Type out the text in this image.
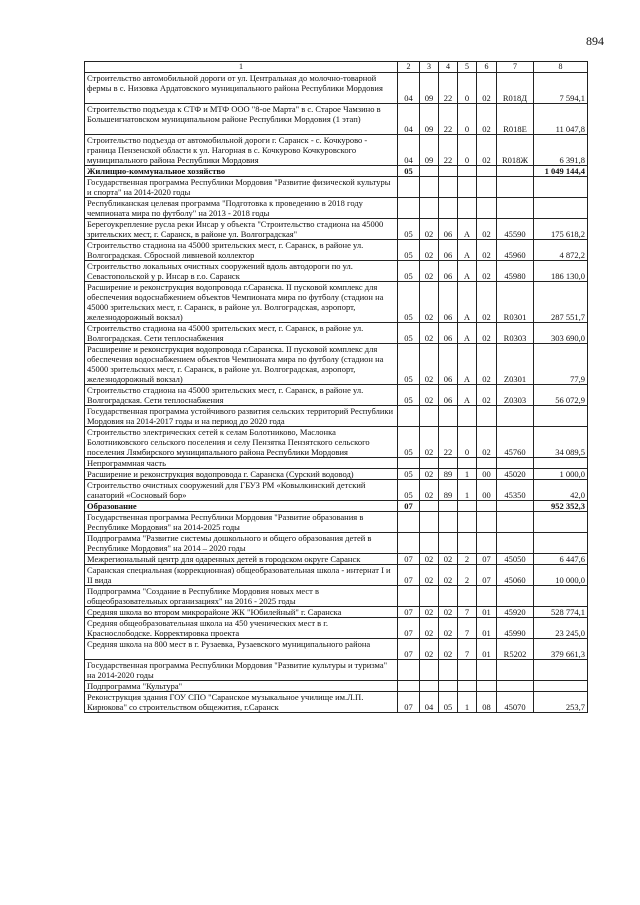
894
1	2	3	4	5	6	7	8
Строительство автомобильной дороги от ул. Центральная до молочно-товарной фермы в с. Низовка Ардатовского муниципального района Республики Мордовия	04	09	22	0	02	R018Д	7 594,1
Строительство подъезда к СТФ и МТФ ООО "8-ое Марта" в с. Старое Чамзино в Большеигнатовском муниципальном районе Республики Мордовия (1 этап)	04	09	22	0	02	R018Е	11 047,8
Строительство подъезда от автомобильной дороги г. Саранск - с. Кочкурово - граница Пензенской области к ул. Нагорная в с. Кочкурово Кочкуровского муниципального района Республики Мордовия	04	09	22	0	02	R018Ж	6 391,8
Жилищно-коммунальное хозяйство	05						1 049 144,4
Государственная программа Республики Мордовия "Развитие физической культуры и спорта" на 2014-2020 годы							
Республиканская целевая программа "Подготовка к проведению в 2018 году чемпионата мира по футболу" на 2013 - 2018 годы							
Берегоукрепление русла реки Инсар у объекта "Строительство стадиона на 45000 зрительских мест, г. Саранск, в районе ул. Волгоградская"	05	02	06	А	02	45590	175 618,2
Строительство стадиона на 45000 зрительских мест, г. Саранск, в районе ул. Волгоградская. Сбросной ливневой коллектор	05	02	06	А	02	45960	4 872,2
Строительство локальных очистных сооружений вдоль автодороги по ул. Севастопольской у р. Инсар в г.о. Саранск	05	02	06	А	02	45980	186 130,0
Расширение и реконструкция водопровода г.Саранска. II пусковой комплекс для обеспечения водоснабжением объектов Чемпионата мира по футболу (стадион на 45000 зрительских мест, г. Саранск, в районе ул. Волгоградская, аэропорт, железнодорожный вокзал)	05	02	06	А	02	R0301	287 551,7
Строительство стадиона на 45000 зрительских мест, г. Саранск, в районе ул. Волгоградская. Сети теплоснабжения	05	02	06	А	02	R0303	303 690,0
Расширение и реконструкция водопровода г.Саранска. II пусковой комплекс для обеспечения водоснабжением объектов Чемпионата мира по футболу (стадион на 45000 зрительских мест, г. Саранск, в районе ул. Волгоградская, аэропорт, железнодорожный вокзал)	05	02	06	А	02	Z0301	77,9
Строительство стадиона на 45000 зрительских мест, г. Саранск, в районе ул. Волгоградская. Сети теплоснабжения	05	02	06	А	02	Z0303	56 072,9
Государственная программа устойчивого развития сельских территорий Республики Мордовия на 2014-2017 годы и на период до 2020 года							
Строительство электрических сетей к селам Болотниково, Маслонка Болотниковского сельского поселения и селу Пензятка Пензятского сельского поселения Лямбирского муниципального района Республики Мордовия	05	02	22	0	02	45760	34 089,5
Непрограммная часть							
Расширение и реконструкция водопровода г. Саранска (Сурский водовод)	05	02	89	1	00	45020	1 000,0
Строительство очистных сооружений для ГБУЗ РМ «Ковылкинский детский санаторий «Сосновый бор»	05	02	89	1	00	45350	42,0
Образование	07						952 352,3
Государственная программа Республики Мордовия "Развитие образования в Республике Мордовия" на 2014-2025 годы							
Подпрограмма "Развитие системы дошкольного и общего образования детей в Республике Мордовия" на 2014 – 2020 годы							
Межрегиональный центр для одаренных детей в городском округе Саранск	07	02	02	2	07	45050	6 447,6
Саранская специальная (коррекционная) общеобразовательная школа - интернат I и II вида	07	02	02	2	07	45060	10 000,0
Подпрограмма "Создание в Республике Мордовия новых мест в общеобразовательных организациях" на 2016 - 2025 годы							
Средняя школа во втором микрорайоне ЖК "Юбилейный" г. Саранска	07	02	02	7	01	45920	528 774,1
Средняя общеобразовательная школа на 450 ученических мест в г. Краснослободске. Корректировка проекта	07	02	02	7	01	45990	23 245,0
Средняя школа на 800 мест в г. Рузаевка, Рузаевского муниципального района	07	02	02	7	01	R5202	379 661,3
Государственная программа Республики Мордовия "Развитие культуры и туризма" на 2014-2020 годы							
Подпрограмма "Культура"							
Реконструкция здания ГОУ СПО "Саранское музыкальное училище им.Л.П. Кирюкова" со строительством общежития, г.Саранск	07	04	05	1	08	45070	253,7
